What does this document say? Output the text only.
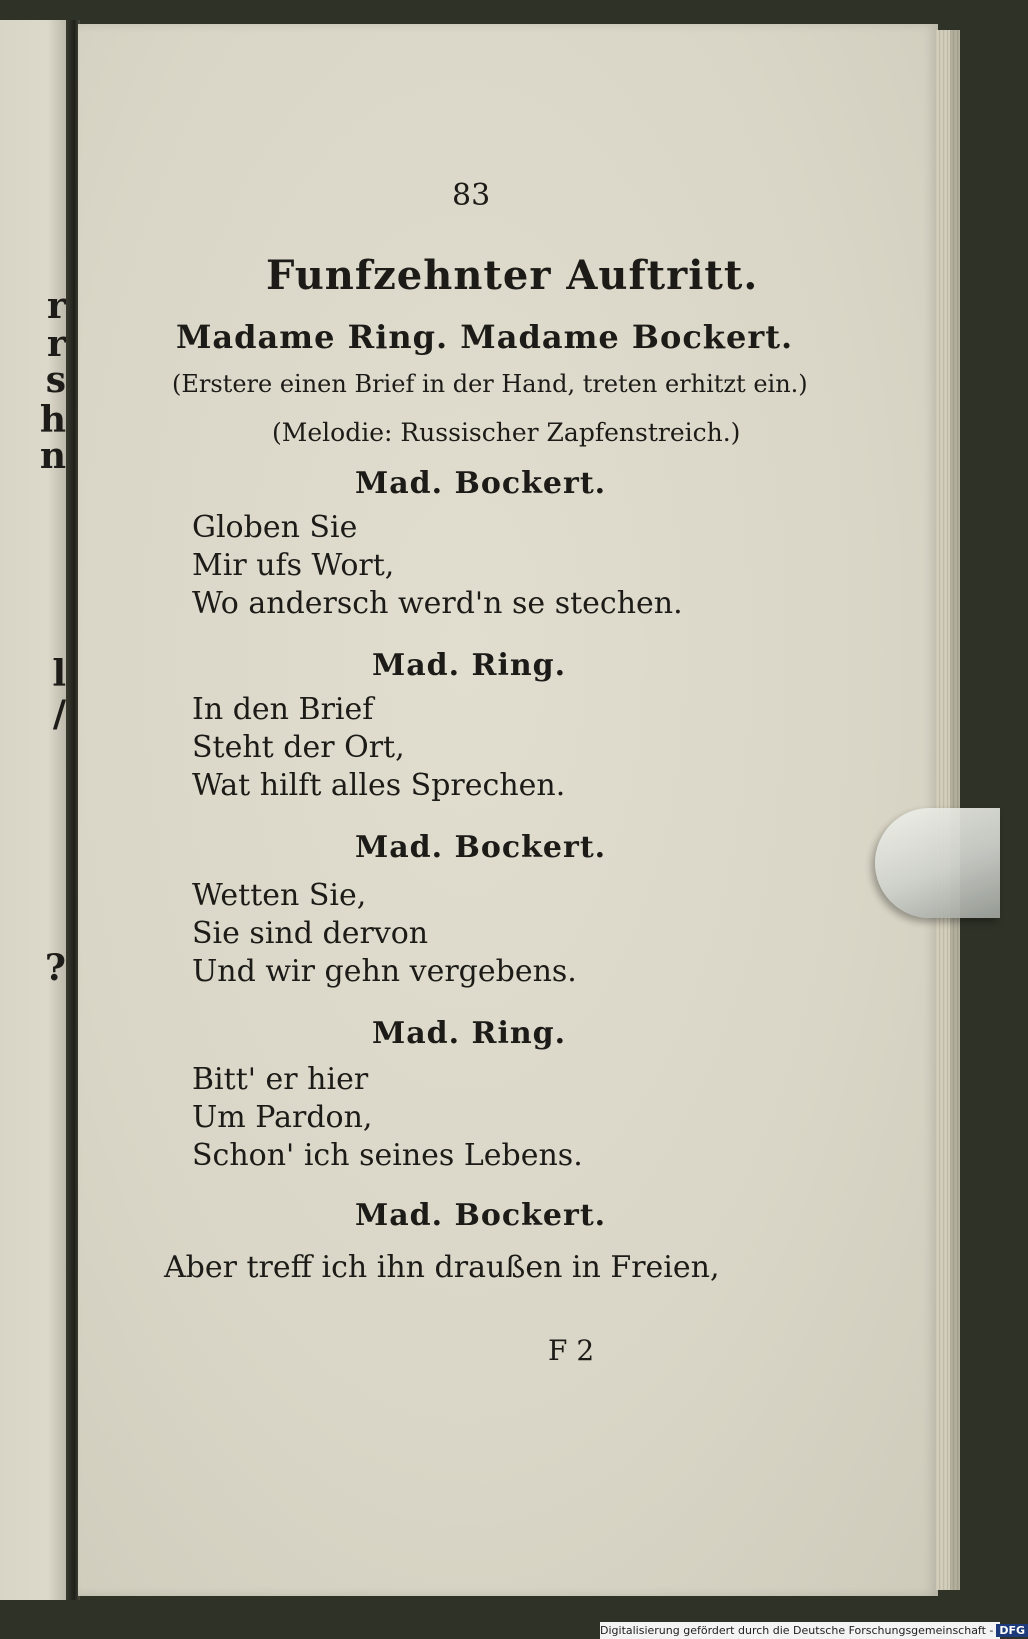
r
r
s
h
n
l
/
?
83
Funfzehnter Auftritt.
Madame Ring. Madame Bockert.
(Erstere einen Brief in der Hand, treten erhitzt ein.)
(Melodie: Russischer Zapfenstreich.)
Mad. Bockert.
Globen Sie
Mir ufs Wort,
Wo andersch werd'n se stechen.
Mad. Ring.
In den Brief
Steht der Ort,
Wat hilft alles Sprechen.
Mad. Bockert.
Wetten Sie,
Sie sind dervon
Und wir gehn vergebens.
Mad. Ring.
Bitt' er hier
Um Pardon,
Schon' ich seines Lebens.
Mad. Bockert.
Aber treff ich ihn draußen in Freien,
F 2
Digitalisierung gefördert durch die Deutsche Forschungsgemeinschaft - DFG
